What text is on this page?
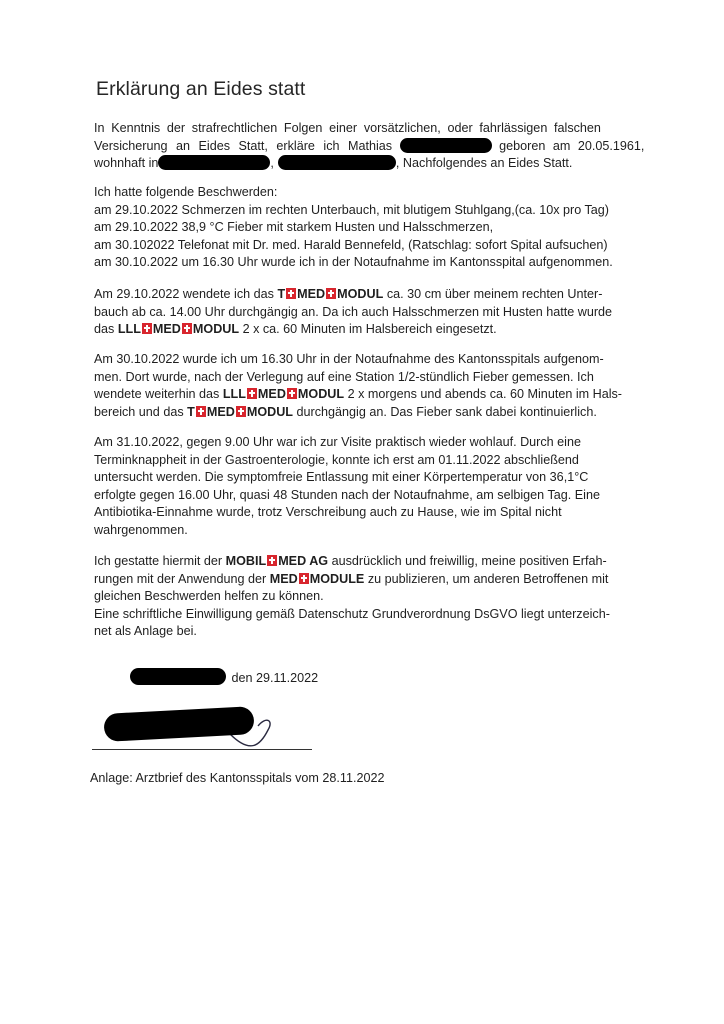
Erklärung an Eides statt
In Kenntnis der strafrechtlichen Folgen einer vorsätzlichen, oder fahrlässigen falschen
Versicherung an Eides Statt, erkläre ich Mathias	geboren am 20.05.1961,
wohnhaft in	,	, Nachfolgendes an Eides Statt.
Ich hatte folgende Beschwerden:
am 29.10.2022 Schmerzen im rechten Unterbauch, mit blutigem Stuhlgang,(ca. 10x pro Tag)
am 29.10.2022 38,9 °C Fieber mit starkem Husten und Halsschmerzen,
am 30.102022 Telefonat mit Dr. med. Harald Bennefeld, (Ratschlag: sofort Spital aufsuchen)
am 30.10.2022 um 16.30 Uhr wurde ich in der Notaufnahme im Kantonsspital aufgenommen.
Am 29.10.2022 wendete ich das T MED MODUL ca. 30 cm über meinem rechten Unter-
bauch ab ca. 14.00 Uhr durchgängig an. Da ich auch Halsschmerzen mit Husten hatte wurde
das LLL MED MODUL 2 x ca. 60 Minuten im Halsbereich eingesetzt.
Am 30.10.2022 wurde ich um 16.30 Uhr in der Notaufnahme des Kantonsspitals aufgenom-
men. Dort wurde, nach der Verlegung auf eine Station 1/2-stündlich Fieber gemessen. Ich
wendete weiterhin das LLL MED MODUL 2 x morgens und abends ca. 60 Minuten im Hals-
bereich und das T MED MODUL durchgängig an. Das Fieber sank dabei kontinuierlich.
Am 31.10.2022, gegen 9.00 Uhr war ich zur Visite praktisch wieder wohlauf. Durch eine
Terminknappheit in der Gastroenterologie, konnte ich erst am 01.11.2022 abschließend
untersucht werden. Die symptomfreie Entlassung mit einer Körpertemperatur von 36,1°C
erfolgte gegen 16.00 Uhr, quasi 48 Stunden nach der Notaufnahme, am selbigen Tag. Eine
Antibiotika-Einnahme wurde, trotz Verschreibung auch zu Hause, wie im Spital nicht
wahrgenommen.
Ich gestatte hiermit der MOBIL MED AG ausdrücklich und freiwillig, meine positiven Erfah-
rungen mit der Anwendung der MED MODULE zu publizieren, um anderen Betroffenen mit
gleichen Beschwerden helfen zu können.
Eine schriftliche Einwilligung gemäß Datenschutz Grundverordnung DsGVO liegt unterzeich-
net als Anlage bei.
den 29.11.2022
Anlage: Arztbrief des Kantonsspitals vom 28.11.2022
